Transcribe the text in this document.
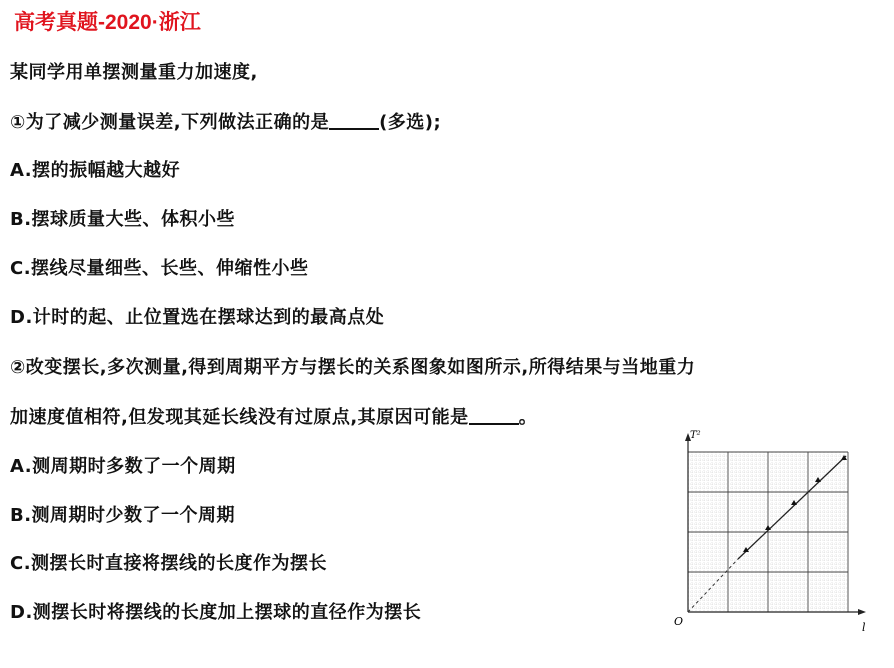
高考真题-2020·浙江
某同学用单摆测量重力加速度,
①为了减少测量误差,下列做法正确的是	(多选);
A.摆的振幅越大越好
B.摆球质量大些、体积小些
C.摆线尽量细些、长些、伸缩性小些
D.计时的起、止位置选在摆球达到的最高点处
②改变摆长,多次测量,得到周期平方与摆长的关系图象如图所示,所得结果与当地重力
加速度值相符,但发现其延长线没有过原点,其原因可能是	。
A.测周期时多数了一个周期
B.测周期时少数了一个周期
C.测摆长时直接将摆线的长度作为摆长
D.测摆长时将摆线的长度加上摆球的直径作为摆长
T²
l
O
